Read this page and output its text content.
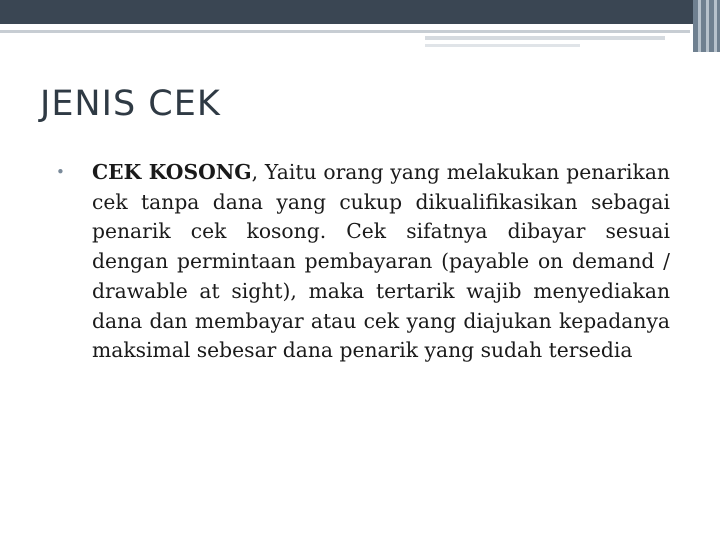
JENIS CEK
• CEK KOSONG, Yaitu orang yang melakukan penarikan cek tanpa dana yang cukup dikualifikasikan sebagai penarik cek kosong. Cek sifatnya dibayar sesuai dengan permintaan pembayaran (payable on demand / drawable at sight), maka tertarik wajib menyediakan dana dan membayar atau cek yang diajukan kepadanya maksimal sebesar dana penarik yang sudah tersedia
